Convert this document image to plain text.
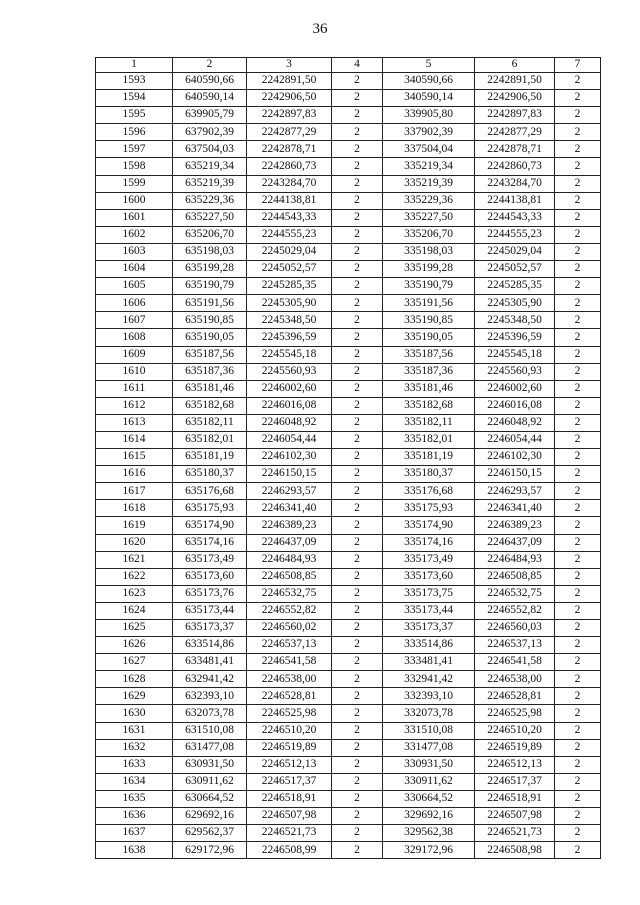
36
1	2	3	4	5	6	7
1593	640590,66	2242891,50	2	340590,66	2242891,50	2
1594	640590,14	2242906,50	2	340590,14	2242906,50	2
1595	639905,79	2242897,83	2	339905,80	2242897,83	2
1596	637902,39	2242877,29	2	337902,39	2242877,29	2
1597	637504,03	2242878,71	2	337504,04	2242878,71	2
1598	635219,34	2242860,73	2	335219,34	2242860,73	2
1599	635219,39	2243284,70	2	335219,39	2243284,70	2
1600	635229,36	2244138,81	2	335229,36	2244138,81	2
1601	635227,50	2244543,33	2	335227,50	2244543,33	2
1602	635206,70	2244555,23	2	335206,70	2244555,23	2
1603	635198,03	2245029,04	2	335198,03	2245029,04	2
1604	635199,28	2245052,57	2	335199,28	2245052,57	2
1605	635190,79	2245285,35	2	335190,79	2245285,35	2
1606	635191,56	2245305,90	2	335191,56	2245305,90	2
1607	635190,85	2245348,50	2	335190,85	2245348,50	2
1608	635190,05	2245396,59	2	335190,05	2245396,59	2
1609	635187,56	2245545,18	2	335187,56	2245545,18	2
1610	635187,36	2245560,93	2	335187,36	2245560,93	2
1611	635181,46	2246002,60	2	335181,46	2246002,60	2
1612	635182,68	2246016,08	2	335182,68	2246016,08	2
1613	635182,11	2246048,92	2	335182,11	2246048,92	2
1614	635182,01	2246054,44	2	335182,01	2246054,44	2
1615	635181,19	2246102,30	2	335181,19	2246102,30	2
1616	635180,37	2246150,15	2	335180,37	2246150,15	2
1617	635176,68	2246293,57	2	335176,68	2246293,57	2
1618	635175,93	2246341,40	2	335175,93	2246341,40	2
1619	635174,90	2246389,23	2	335174,90	2246389,23	2
1620	635174,16	2246437,09	2	335174,16	2246437,09	2
1621	635173,49	2246484,93	2	335173,49	2246484,93	2
1622	635173,60	2246508,85	2	335173,60	2246508,85	2
1623	635173,76	2246532,75	2	335173,75	2246532,75	2
1624	635173,44	2246552,82	2	335173,44	2246552,82	2
1625	635173,37	2246560,02	2	335173,37	2246560,03	2
1626	633514,86	2246537,13	2	333514,86	2246537,13	2
1627	633481,41	2246541,58	2	333481,41	2246541,58	2
1628	632941,42	2246538,00	2	332941,42	2246538,00	2
1629	632393,10	2246528,81	2	332393,10	2246528,81	2
1630	632073,78	2246525,98	2	332073,78	2246525,98	2
1631	631510,08	2246510,20	2	331510,08	2246510,20	2
1632	631477,08	2246519,89	2	331477,08	2246519,89	2
1633	630931,50	2246512,13	2	330931,50	2246512,13	2
1634	630911,62	2246517,37	2	330911,62	2246517,37	2
1635	630664,52	2246518,91	2	330664,52	2246518,91	2
1636	629692,16	2246507,98	2	329692,16	2246507,98	2
1637	629562,37	2246521,73	2	329562,38	2246521,73	2
1638	629172,96	2246508,99	2	329172,96	2246508,98	2
